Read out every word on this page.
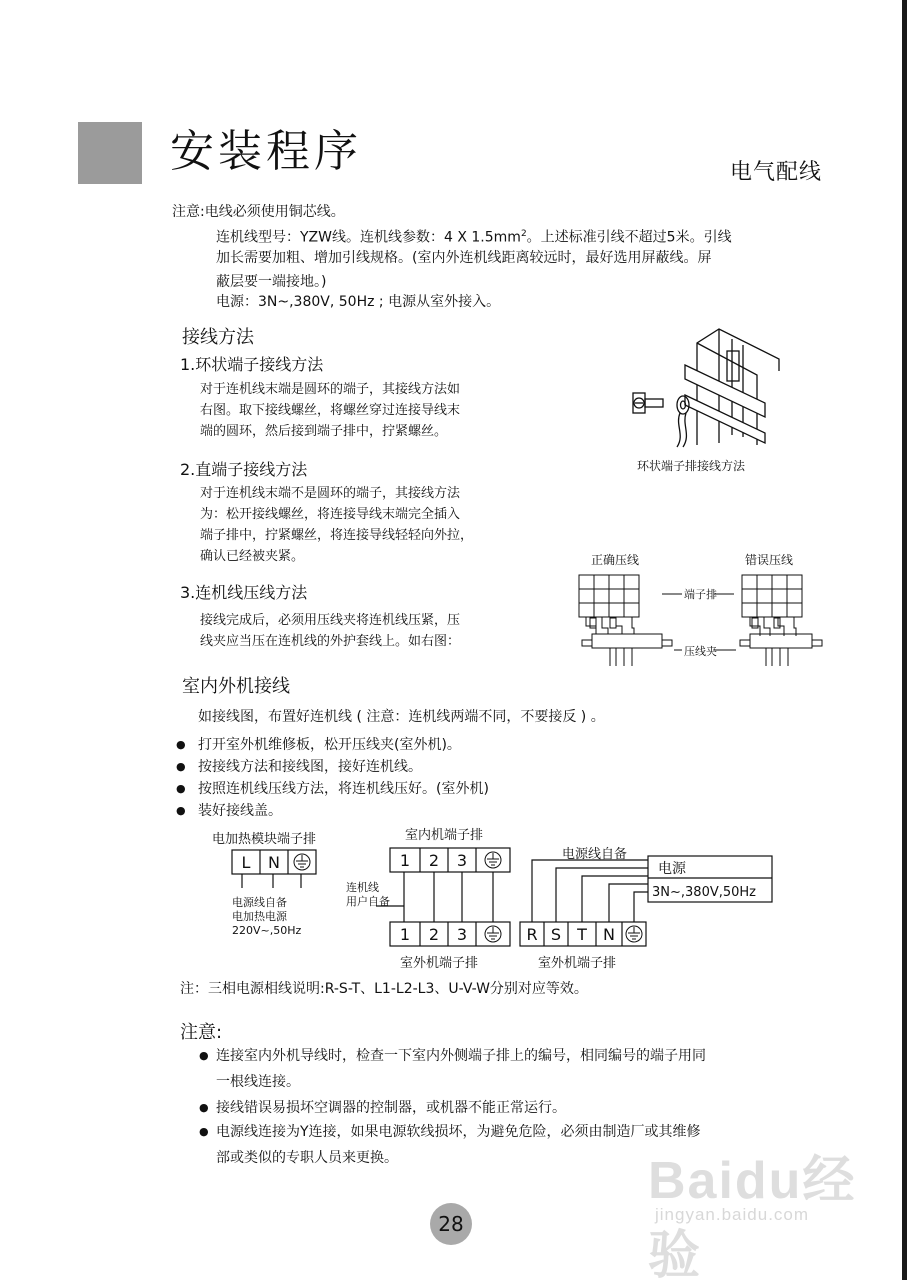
安装程序	电气配线
注意:电线必须使用铜芯线。
连机线型号：YZW线。连机线参数：4 X $1.5mm^2$。上述标准引线不超过5米。引线
加长需要加粗、增加引线规格。(室内外连机线距离较远时，最好选用屏蔽线。屏
蔽层要一端接地。)
电源：3N~,380V, 50Hz ; 电源从室外接入。
接线方法
1.环状端子接线方法
对于连机线末端是圆环的端子，其接线方法如
右图。取下接线螺丝，将螺丝穿过连接导线末
端的圆环，然后接到端子排中，拧紧螺丝。
环状端子排接线方法
2.直端子接线方法
对于连机线末端不是圆环的端子，其接线方法
为：松开接线螺丝，将连接导线末端完全插入
端子排中，拧紧螺丝，将连接导线轻轻向外拉，
确认已经被夹紧。
3.连机线压线方法
接线完成后，必须用压线夹将连机线压紧，压
线夹应当压在连机线的外护套线上。如右图：
正确压线	错误压线
端子排
压线夹
室内外机接线
如接线图，布置好连机线 ( 注意：连机线两端不同，不要接反 ) 。
● 打开室外机维修板，松开压线夹(室外机)。
● 按接线方法和接线图，接好连机线。
● 按照连机线压线方法，将连机线压好。(室外机)
● 装好接线盖。
电加热模块端子排	室内机端子排
电源线自备
L N	1 2 3
1 2 3	R S T N
电源
3N~,380V,50Hz
电源线自备
电加热电源
220V~,50Hz
连机线
用户自备
室外机端子排	室外机端子排
注：三相电源相线说明:R-S-T、L1-L2-L3、U-V-W分别对应等效。
注意:
● 连接室内外机导线时，检查一下室内外侧端子排上的编号，相同编号的端子用同
一根线连接。
● 接线错误易损坏空调器的控制器，或机器不能正常运行。
● 电源线连接为Y连接，如果电源软线损坏，为避免危险，必须由制造厂或其维修
部或类似的专职人员来更换。
28
Baidu经验
jingyan.baidu.com
